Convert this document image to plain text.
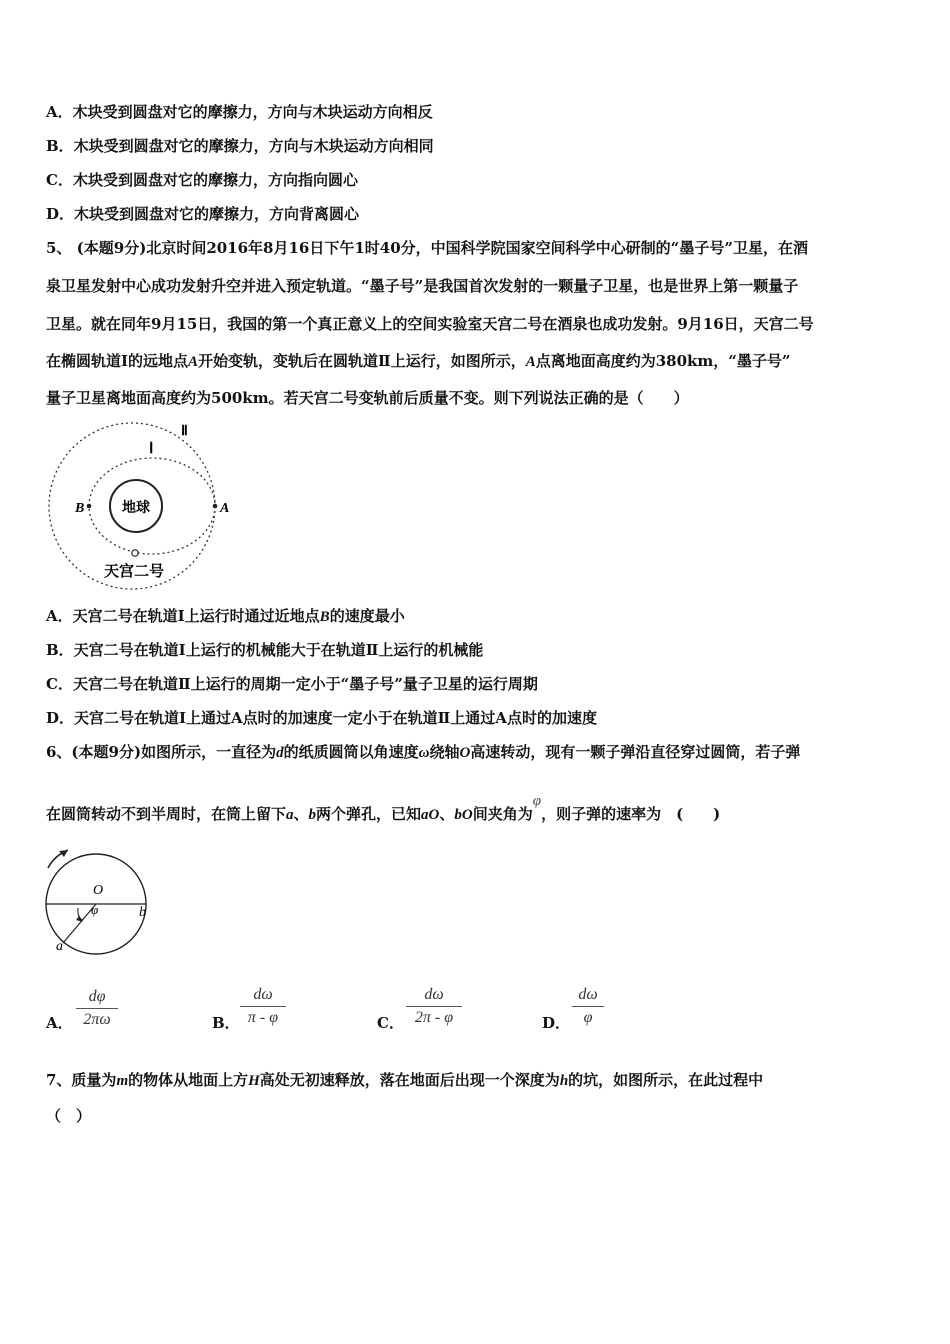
A．木块受到圆盘对它的摩擦力，方向与木块运动方向相反
B．木块受到圆盘对它的摩擦力，方向与木块运动方向相同
C．木块受到圆盘对它的摩擦力，方向指向圆心
D．木块受到圆盘对它的摩擦力，方向背离圆心
5、 (本题9分)北京时间2016年8月16日下午1时40分，中国科学院国家空间科学中心研制的“墨子号”卫星，在酒
泉卫星发射中心成功发射升空并进入预定轨道。“墨子号”是我国首次发射的一颗量子卫星，也是世界上第一颗量子
卫星。就在同年9月15日，我国的第一个真正意义上的空间实验室天宫二号在酒泉也成功发射。9月16日，天宫二号
在椭圆轨道Ⅰ的远地点A开始变轨，变轨后在圆轨道Ⅱ上运行，如图所示，A点离地面高度约为380km，“墨子号”
量子卫星离地面高度约为500km。若天宫二号变轨前后质量不变。则下列说法正确的是（　　）
Ⅰ
Ⅱ
地球
B	A
天宫二号
A．天宫二号在轨道Ⅰ上运行时通过近地点B的速度最小
B．天宫二号在轨道Ⅰ上运行的机械能大于在轨道Ⅱ上运行的机械能
C．天宫二号在轨道Ⅱ上运行的周期一定小于“墨子号”量子卫星的运行周期
D．天宫二号在轨道Ⅰ上通过A点时的加速度一定小于在轨道Ⅱ上通过A点时的加速度
6、(本题9分)如图所示，一直径为d的纸质圆筒以角速度ω绕轴O高速转动，现有一颗子弹沿直径穿过圆筒，若子弹
在圆筒转动不到半周时，在筒上留下a、b两个弹孔，已知aO、bO间夹角为φ，则子弹的速率为　(　　)
O
φ
a
b
A． $\frac{d\varphi}{2\pi\omega}$	B． $\frac{d\omega}{\pi - \varphi}$	C． $\frac{d\omega}{2\pi - \varphi}$	D． $\frac{d\omega}{\varphi}$
7、质量为m的物体从地面上方H高处无初速释放，落在地面后出现一个深度为h的坑，如图所示，在此过程中
（　）
